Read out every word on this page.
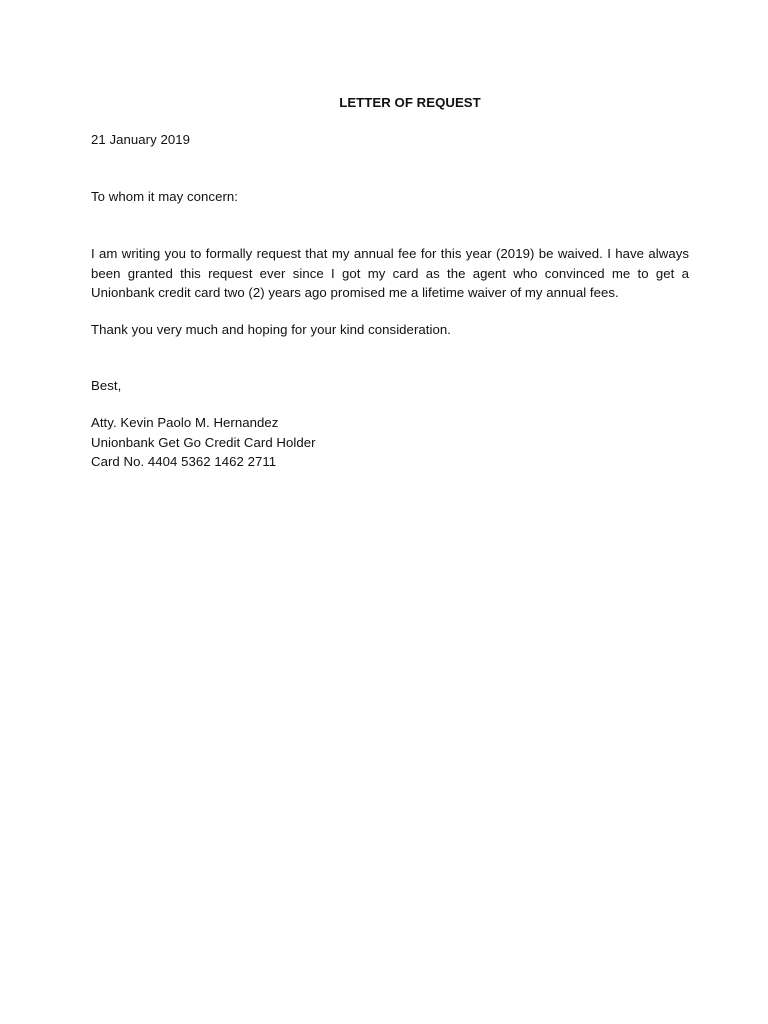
LETTER OF REQUEST

21 January 2019

To whom it may concern:

I am writing you to formally request that my annual fee for this year (2019) be waived. I have always been granted this request ever since I got my card as the agent who convinced me to get a Unionbank credit card two (2) years ago promised me a lifetime waiver of my annual fees.

Thank you very much and hoping for your kind consideration.

Best,

Atty. Kevin Paolo M. Hernandez
Unionbank Get Go Credit Card Holder
Card No. 4404 5362 1462 2711
